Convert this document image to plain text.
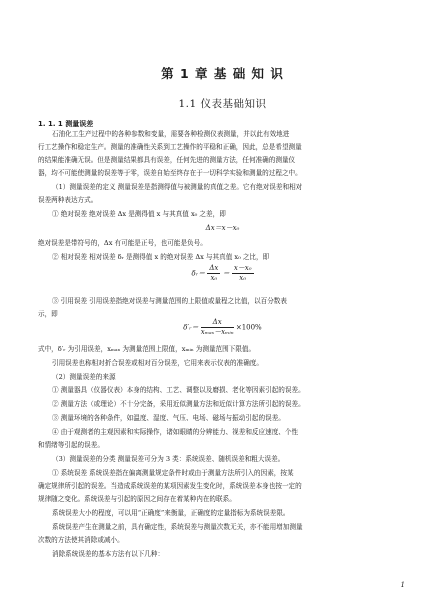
第 1 章 基 础 知 识
1.1 仪表基础知识
1. 1. 1 测量误差
石油化工生产过程中的各种参数和变量，需要各种检测仪表测量，并以此有效地进
行工艺操作和稳定生产。测量的准确性关系到工艺操作的平稳和正确，因此，总是希望测量
的结果能准确无误。但是测量结果都具有误差，任何先进的测量方法，任何准确的测量仪
器，均不可能使测量的误差等于零，误差自始至终存在于一切科学实验和测量的过程之中。
（1）测量误差的定义 测量误差是指测得值与被测量的真值之差。它有绝对误差和相对
误差两种表达方式。
① 绝对误差 绝对误差 Δx 是测得值 x 与其真值 x₀ 之差，即
Δx＝x－x₀
绝对误差是带符号的，Δx 有可能是正号，也可能是负号。
② 相对误差 相对误差 δᵣ 是测得值 x 的绝对误差 Δx 与其真值 x₀ 之比，即
δᵣ＝ $\frac{\Delta x}{\text{x₀}} = \frac{\text{x－x₀}}{\text{x₀}}$
③ 引用误差 引用误差指绝对误差与测量范围的上限值或量程之比值，以百分数表
示，即
δ′ᵣ＝ $\frac{\Delta x}{\text{xₘₐₓ－xₘᵢₙ}} \times 100\%$
式中，δ′ᵣ 为引用误差，xₘₐₓ 为测量范围上限值，xₘᵢₙ 为测量范围下限值。
引用误差也称相对折合误差或相对百分误差，它用来表示仪表的准确度。
（2）测量误差的来源
① 测量器具（仪器仪表）本身的结构、工艺、调整以及磨损、老化等因素引起的误差。
② 测量方法（或理论）不十分完备，采用近似测量方法和近似计算方法所引起的误差。
③ 测量环境的各种条件，如温度、湿度、气压、电场、磁场与振动引起的误差。
④ 由于观测者的主观因素和实际操作，诸如眼睛的分辨能力、视差和反应速度、个性
和情绪等引起的误差。
（3）测量误差的分类 测量误差可分为 3 类：系统误差、随机误差和粗大误差。
① 系统误差 系统误差指在偏离测量规定条件时或由于测量方法所引入的因素，按某
确定规律所引起的误差。当造成系统误差的某项因素发生变化时，系统误差本身也按一定的
规律随之变化。系统误差与引起的原因之间存在着某种内在的联系。
系统误差大小的程度，可以用“正确度”来衡量，正确度的定量指标为系统误差限。
系统误差产生在测量之前，具有确定性，系统误差与测量次数无关，亦不能用增加测量
次数的方法使其消除或减小。
消除系统误差的基本方法有以下几种：
1
